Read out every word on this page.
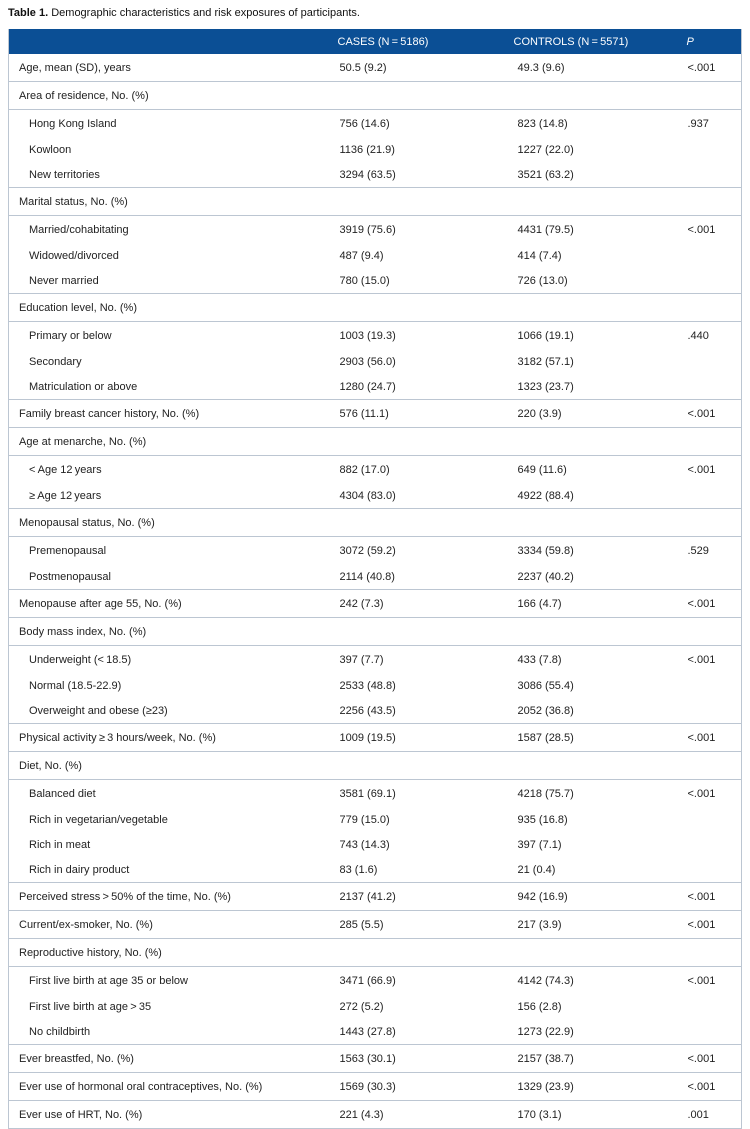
Table 1. Demographic characteristics and risk exposures of participants.
	CASES (N = 5186)	CONTROLS (N = 5571)	P
Age, mean (SD), years	50.5 (9.2)	49.3 (9.6)	<.001
Area of residence, No. (%)			
Hong Kong Island	756 (14.6)	823 (14.8)	.937
Kowloon	1136 (21.9)	1227 (22.0)	
New territories	3294 (63.5)	3521 (63.2)	
Marital status, No. (%)			
Married/cohabitating	3919 (75.6)	4431 (79.5)	<.001
Widowed/divorced	487 (9.4)	414 (7.4)	
Never married	780 (15.0)	726 (13.0)	
Education level, No. (%)			
Primary or below	1003 (19.3)	1066 (19.1)	.440
Secondary	2903 (56.0)	3182 (57.1)	
Matriculation or above	1280 (24.7)	1323 (23.7)	
Family breast cancer history, No. (%)	576 (11.1)	220 (3.9)	<.001
Age at menarche, No. (%)			
< Age 12 years	882 (17.0)	649 (11.6)	<.001
≥ Age 12 years	4304 (83.0)	4922 (88.4)	
Menopausal status, No. (%)			
Premenopausal	3072 (59.2)	3334 (59.8)	.529
Postmenopausal	2114 (40.8)	2237 (40.2)	
Menopause after age 55, No. (%)	242 (7.3)	166 (4.7)	<.001
Body mass index, No. (%)			
Underweight (< 18.5)	397 (7.7)	433 (7.8)	<.001
Normal (18.5-22.9)	2533 (48.8)	3086 (55.4)	
Overweight and obese (≥23)	2256 (43.5)	2052 (36.8)	
Physical activity ≥ 3 hours/week, No. (%)	1009 (19.5)	1587 (28.5)	<.001
Diet, No. (%)			
Balanced diet	3581 (69.1)	4218 (75.7)	<.001
Rich in vegetarian/vegetable	779 (15.0)	935 (16.8)	
Rich in meat	743 (14.3)	397 (7.1)	
Rich in dairy product	83 (1.6)	21 (0.4)	
Perceived stress > 50% of the time, No. (%)	2137 (41.2)	942 (16.9)	<.001
Current/ex-smoker, No. (%)	285 (5.5)	217 (3.9)	<.001
Reproductive history, No. (%)			
First live birth at age 35 or below	3471 (66.9)	4142 (74.3)	<.001
First live birth at age > 35	272 (5.2)	156 (2.8)	
No childbirth	1443 (27.8)	1273 (22.9)	
Ever breastfed, No. (%)	1563 (30.1)	2157 (38.7)	<.001
Ever use of hormonal oral contraceptives, No. (%)	1569 (30.3)	1329 (23.9)	<.001
Ever use of HRT, No. (%)	221 (4.3)	170 (3.1)	.001
